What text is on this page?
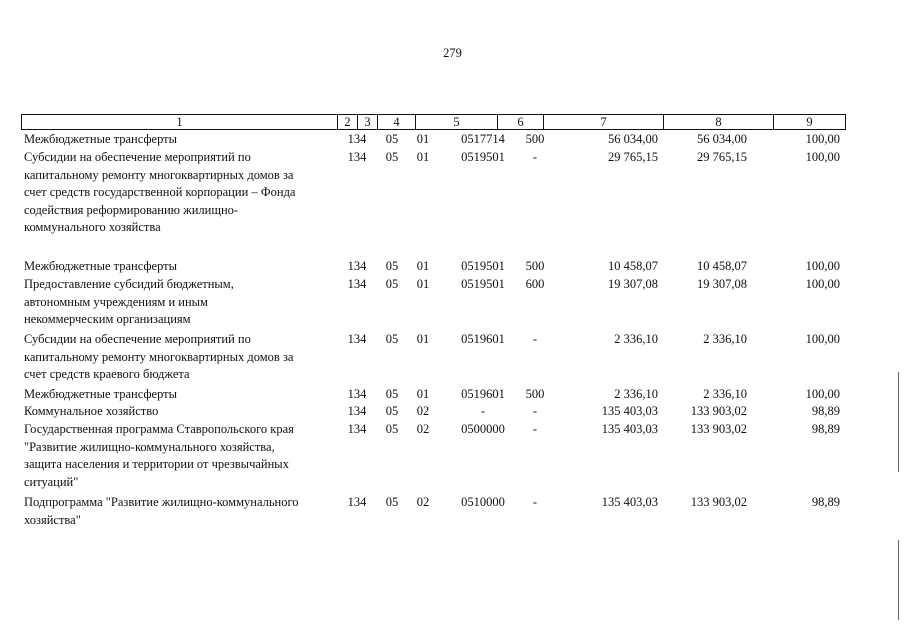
279
1	2	3	4	5	6	7	8	9
Межбюджетные трансферты	134	05	01	0517714	500	56 034,00	56 034,00	100,00
Субсидии на обеспечение мероприятий по
капитальному ремонту многоквартирных домов за
счет средств государственной корпорации – Фонда
содействия реформированию жилищно-
коммунального хозяйства
134	05	01	0519501	-	29 765,15	29 765,15	100,00
Межбюджетные трансферты	134	05	01	0519501	500	10 458,07	10 458,07	100,00
Предоставление субсидий бюджетным,
автономным учреждениям и иным
некоммерческим организациям
134	05	01	0519501	600	19 307,08	19 307,08	100,00
Субсидии на обеспечение мероприятий по
капитальному ремонту многоквартирных домов за
счет средств краевого бюджета
134	05	01	0519601	-	2 336,10	2 336,10	100,00
Межбюджетные трансферты	134	05	01	0519601	500	2 336,10	2 336,10	100,00
Коммунальное хозяйство	134	05	02	-	-	135 403,03	133 903,02	98,89
Государственная программа Ставропольского края
"Развитие жилищно-коммунального хозяйства,
защита населения и территории от чрезвычайных
ситуаций"
134	05	02	0500000	-	135 403,03	133 903,02	98,89
Подпрограмма "Развитие жилищно-коммунального
хозяйства"
134	05	02	0510000	-	135 403,03	133 903,02	98,89
